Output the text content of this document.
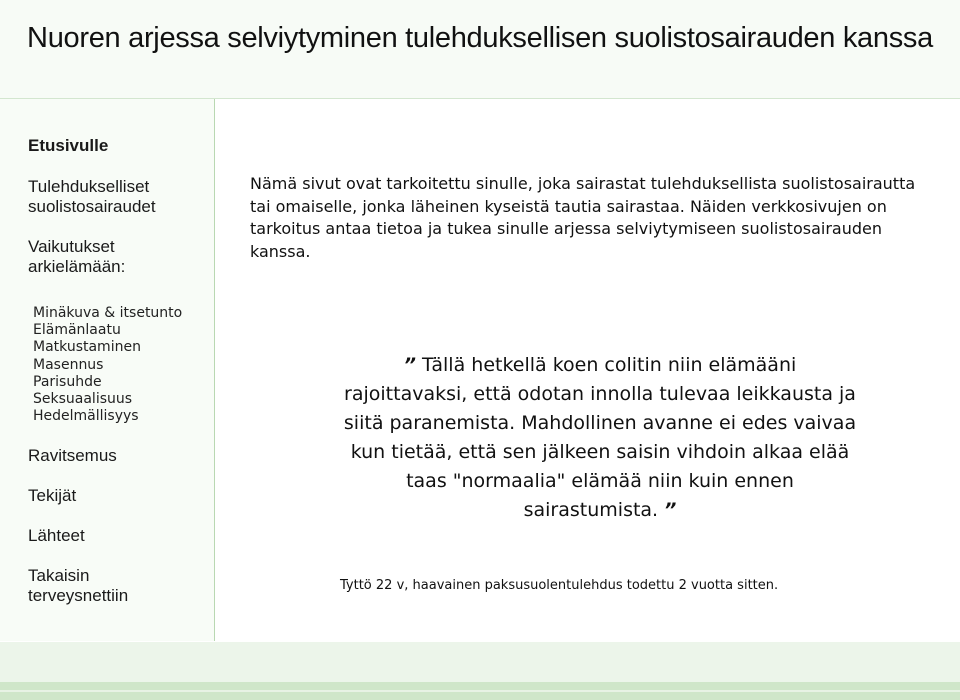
Nuoren arjessa selviytyminen tulehduksellisen suolistosairauden kanssa
Etusivulle
Tulehdukselliset suolistosairaudet
Vaikutukset arkielämään:
Minäkuva & itsetunto
Elämänlaatu
Matkustaminen
Masennus
Parisuhde
Seksuaalisuus
Hedelmällisyys
Ravitsemus
Tekijät
Lähteet
Takaisin terveysnettiin

Nämä sivut ovat tarkoitettu sinulle, joka sairastat tulehduksellista suolistosairautta tai omaiselle, jonka läheinen kyseistä tautia sairastaa. Näiden verkkosivujen on tarkoitus antaa tietoa ja tukea sinulle arjessa selviytymiseen suolistosairauden kanssa.

” Tällä hetkellä koen colitin niin elämääni rajoittavaksi, että odotan innolla tulevaa leikkausta ja siitä paranemista. Mahdollinen avanne ei edes vaivaa kun tietää, että sen jälkeen saisin vihdoin alkaa elää taas "normaalia" elämää niin kuin ennen sairastumista. ”
Tyttö 22 v, haavainen paksusuolentulehdus todettu 2 vuotta sitten.
